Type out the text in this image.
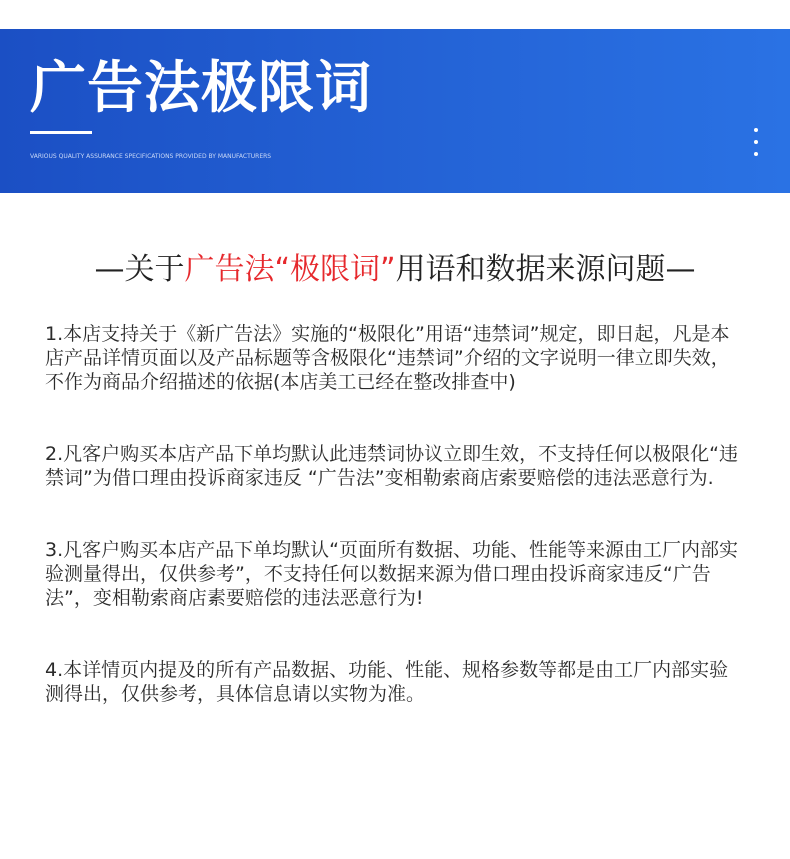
广告法极限词
VARIOUS QUALITY ASSURANCE SPECIFICATIONS PROVIDED BY MANUFACTURERS
—关于广告法“极限词”用语和数据来源问题—

1.本店支持关于《新广告法》实施的“极限化”用语“违禁词”规定，即日起，凡是本店产品详情页面以及产品标题等含极限化“违禁词”介绍的文字说明一律立即失效，不作为商品介绍描述的依据(本店美工已经在整改排查中)

2.凡客户购买本店产品下单均默认此违禁词协议立即生效，不支持任何以极限化“违禁词”为借口理由投诉商家违反 “广告法”变相勒索商店索要赔偿的违法恶意行为.

3.凡客户购买本店产品下单均默认“页面所有数据、功能、性能等来源由工厂内部实验测量得出，仅供参考”，不支持任何以数据来源为借口理由投诉商家违反“广告法”，变相勒索商店素要赔偿的违法恶意行为!

4.本详情页内提及的所有产品数据、功能、性能、规格参数等都是由工厂内部实验测得出，仅供参考，具体信息请以实物为准。
